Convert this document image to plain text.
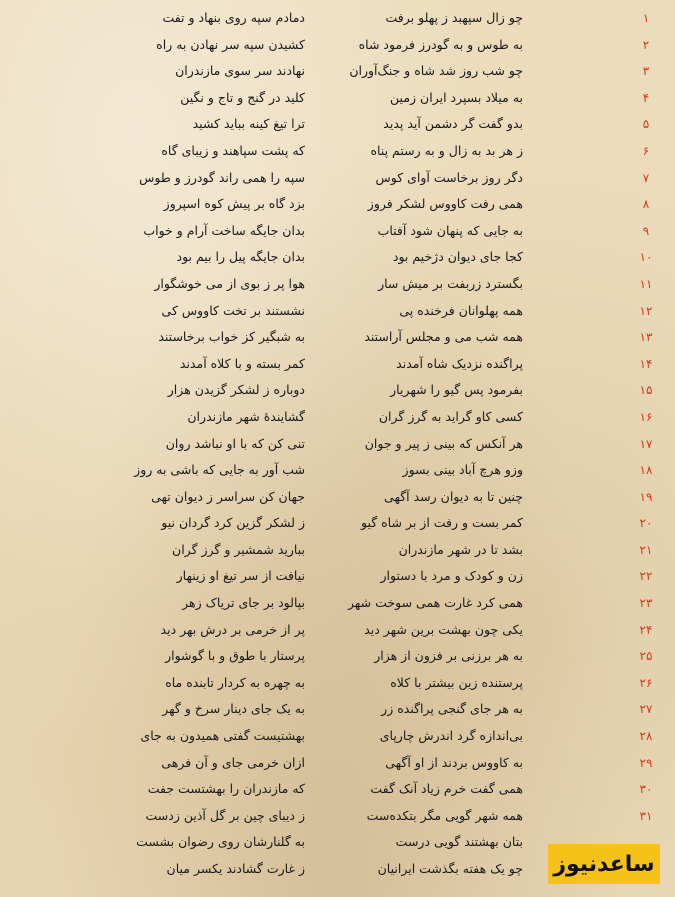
۱
چو زال سپهبد ز پهلو برفت
دمادم سپه روی بنهاد و تفت
۲
به طوس و به گودرز فرمود شاه
کشیدن سپه سر نهادن به راه
۳
چو شب روز شد شاه و جنگ‌آوران
نهادند سر سوی مازندران
۴
به میلاد بسپرد ایران زمین
کلید در گنج و تاج و نگین
۵
بدو گفت گر دشمن آید پدید
ترا تیغ کینه بباید کشید
۶
ز هر بد به زال و به رستم پناه
که پشت سپاهند و زیبای گاه
۷
دگر روز برخاست آوای کوس
سپه را همی راند گودرز و طوس
۸
همی رفت کاووس لشکر فروز
بزد گاه بر پیش کوه اسپروز
۹
به جایی که پنهان شود آفتاب
بدان جایگه ساخت آرام و خواب
۱۰
کجا جای دیوان دژخیم بود
بدان جایگه پیل را بیم بود
۱۱
بگسترد زربفت بر میش سار
هوا پر ز بوی از می خوشگوار
۱۲
همه پهلوانان فرخنده پی
نشستند بر تخت کاووس کی
۱۳
همه شب می و مجلس آراستند
به شبگیر کز خواب برخاستند
۱۴
پراگنده نزدیک شاه آمدند
کمر بسته و با کلاه آمدند
۱۵
بفرمود پس گیو را شهریار
دوباره ز لشکر گزیدن هزار
۱۶
کسی کاو گراید به گرز گران
گشایندهٔ شهر مازندران
۱۷
هر آنکس که بینی ز پیر و جوان
تنی کن که با او نباشد روان
۱۸
وزو هرچ آباد بینی بسوز
شب آور به جایی که باشی به روز
۱۹
چنین تا به دیوان رسد آگهی
جهان کن سراسر ز دیوان تهی
۲۰
کمر بست و رفت از بر شاه گیو
ز لشکر گزین کرد گردان نیو
۲۱
بشد تا در شهر مازندران
ببارید شمشیر و گرز گران
۲۲
زن و کودک و مرد با دستوار
نیافت از سر تیغ او زینهار
۲۳
همی کرد غارت همی سوخت شهر
بپالود بر جای تریاک زهر
۲۴
یکی چون بهشت برین شهر دید
پر از خرمی بر درش بهر دید
۲۵
به هر برزنی بر فزون از هزار
پرستار با طوق و با گوشوار
۲۶
پرستنده زین بیشتر با کلاه
به چهره به کردار تابنده ماه
۲۷
به هر جای گنجی پراگنده زر
به یک جای دینار سرخ و گهر
۲۸
بی‌اندازه گرد اندرش چارپای
بهشتیست گفتی همیدون به جای
۲۹
به کاووس بردند از او آگهی
ازان خرمی جای و آن فرهی
۳۰
همی گفت خرم زیاد آنک گفت
که مازندران را بهشتست جفت
۳۱
همه شهر گویی مگر بتکده‌ست
ز دیبای چین بر گل آذین زدست
بتان بهشتند گویی درست
به گلنارشان روی رضوان بشست
چو یک هفته بگذشت ایرانیان
ز غارت گشادند یکسر میان	ساعدنیوز
